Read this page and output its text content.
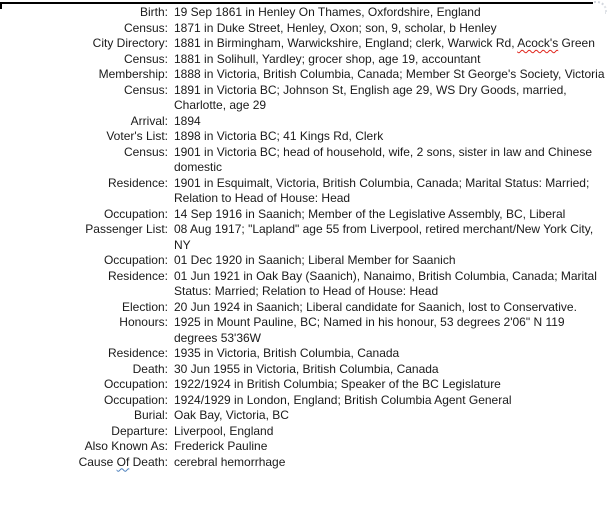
Birth: 19 Sep 1861 in Henley On Thames, Oxfordshire, England
Census: 1871 in Duke Street, Henley, Oxon; son, 9, scholar, b Henley
City Directory: 1881 in Birmingham, Warwickshire, England; clerk, Warwick Rd, Acock's Green
Census: 1881 in Solihull, Yardley; grocer shop, age 19, accountant
Membership: 1888 in Victoria, British Columbia, Canada; Member St George's Society, Victoria
Census: 1891 in Victoria BC; Johnson St, English age 29, WS Dry Goods, married, Charlotte, age 29
Arrival: 1894
Voter's List: 1898 in Victoria BC; 41 Kings Rd, Clerk
Census: 1901 in Victoria BC; head of household, wife, 2 sons, sister in law and Chinese domestic
Residence: 1901 in Esquimalt, Victoria, British Columbia, Canada; Marital Status: Married; Relation to Head of House: Head
Occupation: 14 Sep 1916 in Saanich; Member of the Legislative Assembly, BC, Liberal
Passenger List: 08 Aug 1917; "Lapland" age 55 from Liverpool, retired merchant/New York City, NY
Occupation: 01 Dec 1920 in Saanich; Liberal Member for Saanich
Residence: 01 Jun 1921 in Oak Bay (Saanich), Nanaimo, British Columbia, Canada; Marital Status: Married; Relation to Head of House: Head
Election: 20 Jun 1924 in Saanich; Liberal candidate for Saanich, lost to Conservative.
Honours: 1925 in Mount Pauline, BC; Named in his honour, 53 degrees 2'06" N 119 degrees 53'36W
Residence: 1935 in Victoria, British Columbia, Canada
Death: 30 Jun 1955 in Victoria, British Columbia, Canada
Occupation: 1922/1924 in British Columbia; Speaker of the BC Legislature
Occupation: 1924/1929 in London, England; British Columbia Agent General
Burial: Oak Bay, Victoria, BC
Departure: Liverpool, England
Also Known As: Frederick Pauline
Cause Of Death: cerebral hemorrhage
